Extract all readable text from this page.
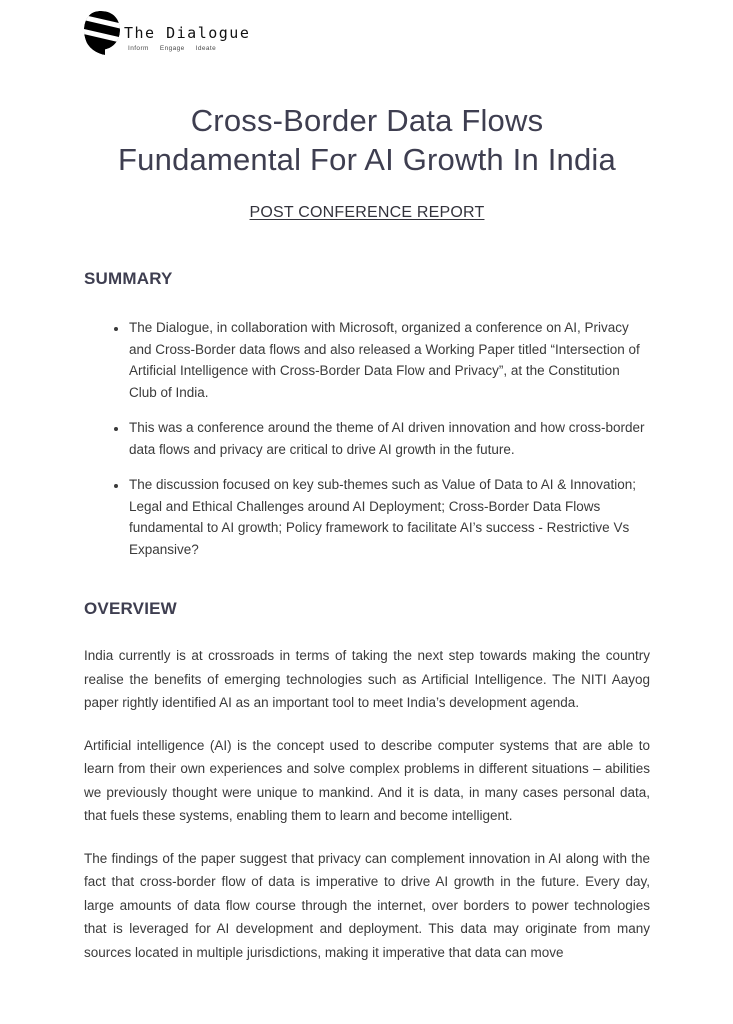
The Dialogue
Inform Engage Ideate
Cross-Border Data Flows
Fundamental For AI Growth In India
POST CONFERENCE REPORT
SUMMARY
• The Dialogue, in collaboration with Microsoft, organized a conference on AI, Privacy and Cross-Border data flows and also released a Working Paper titled “Intersection of Artificial Intelligence with Cross-Border Data Flow and Privacy”, at the Constitution Club of India.
• This was a conference around the theme of AI driven innovation and how cross-border data flows and privacy are critical to drive AI growth in the future.
• The discussion focused on key sub-themes such as Value of Data to AI & Innovation; Legal and Ethical Challenges around AI Deployment; Cross-Border Data Flows fundamental to AI growth; Policy framework to facilitate AI’s success - Restrictive Vs Expansive?
OVERVIEW

India currently is at crossroads in terms of taking the next step towards making the country realise the benefits of emerging technologies such as Artificial Intelligence. The NITI Aayog paper rightly identified AI as an important tool to meet India’s development agenda.

Artificial intelligence (AI) is the concept used to describe computer systems that are able to learn from their own experiences and solve complex problems in different situations – abilities we previously thought were unique to mankind. And it is data, in many cases personal data, that fuels these systems, enabling them to learn and become intelligent.

The findings of the paper suggest that privacy can complement innovation in AI along with the fact that cross-border flow of data is imperative to drive AI growth in the future. Every day, large amounts of data flow course through the internet, over borders to power technologies that is leveraged for AI development and deployment. This data may originate from many sources located in multiple jurisdictions, making it imperative that data can move
